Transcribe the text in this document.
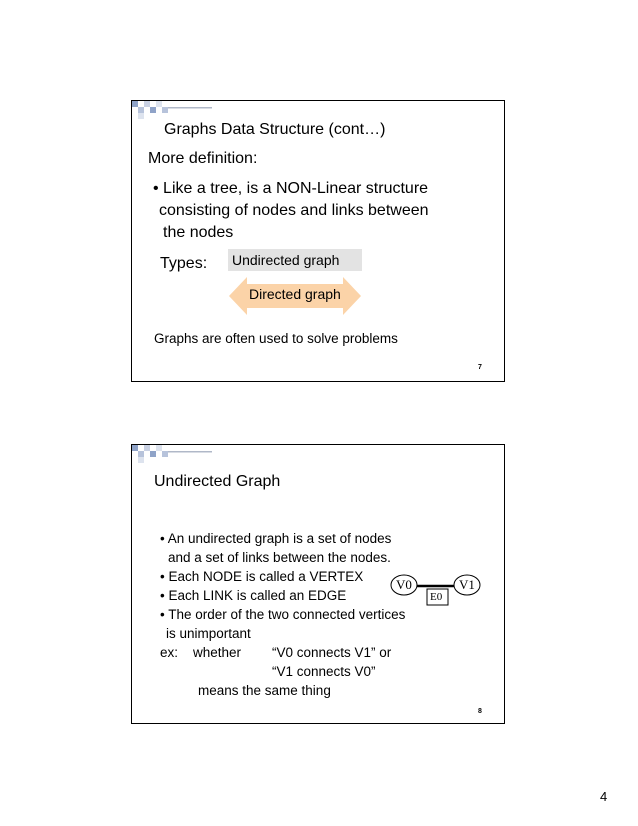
Graphs Data Structure (cont…)
More definition:
• Like a tree, is a NON-Linear structure
consisting of nodes and links between
the nodes
Types: Undirected graph
Directed graph
Graphs are often used to solve problems
7
Undirected Graph
• An undirected graph is a set of nodes
and a set of links between the nodes.
• Each NODE is called a VERTEX
• Each LINK is called an EDGE
• The order of the two connected vertices
is unimportant
ex:    whether “V0 connects V1” or
“V1 connects V0”
means the same thing
V0	V1
E0
8
4
